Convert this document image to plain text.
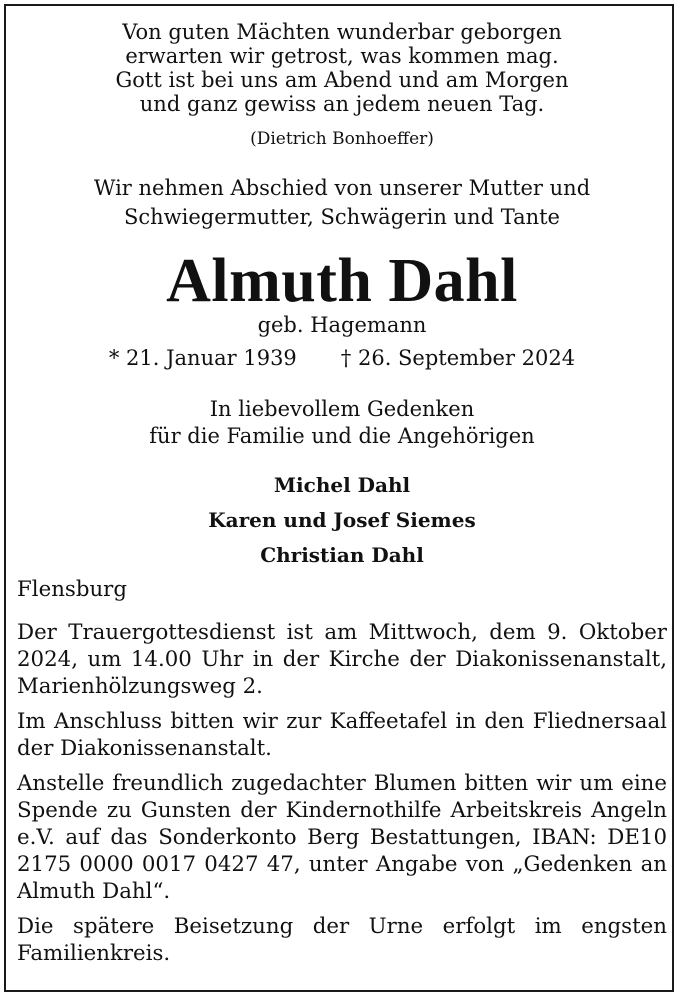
Von guten Mächten wunderbar geborgen
erwarten wir getrost, was kommen mag.
Gott ist bei uns am Abend und am Morgen
und ganz gewiss an jedem neuen Tag.
(Dietrich Bonhoeffer)
Wir nehmen Abschied von unserer Mutter und
Schwiegermutter, Schwägerin und Tante
Almuth Dahl
geb. Hagemann
* 21. Januar 1939 † 26. September 2024
In liebevollem Gedenken
für die Familie und die Angehörigen
Michel Dahl
Karen und Josef Siemes
Christian Dahl

Flensburg

Der Trauergottesdienst ist am Mittwoch, dem 9. Oktober 2024, um 14.00 Uhr in der Kirche der Diakonissenanstalt, Marienhölzungsweg 2.

Im Anschluss bitten wir zur Kaffeetafel in den Fliednersaal der Diakonissenanstalt.

Anstelle freundlich zugedachter Blumen bitten wir um eine Spende zu Gunsten der Kindernothilfe Arbeitskreis Angeln e.V. auf das Sonderkonto Berg Bestattungen, IBAN: DE10 2175 0000 0017 0427 47, unter Angabe von „Gedenken an Almuth Dahl“.

Die spätere Beisetzung der Urne erfolgt im engsten Familienkreis.
